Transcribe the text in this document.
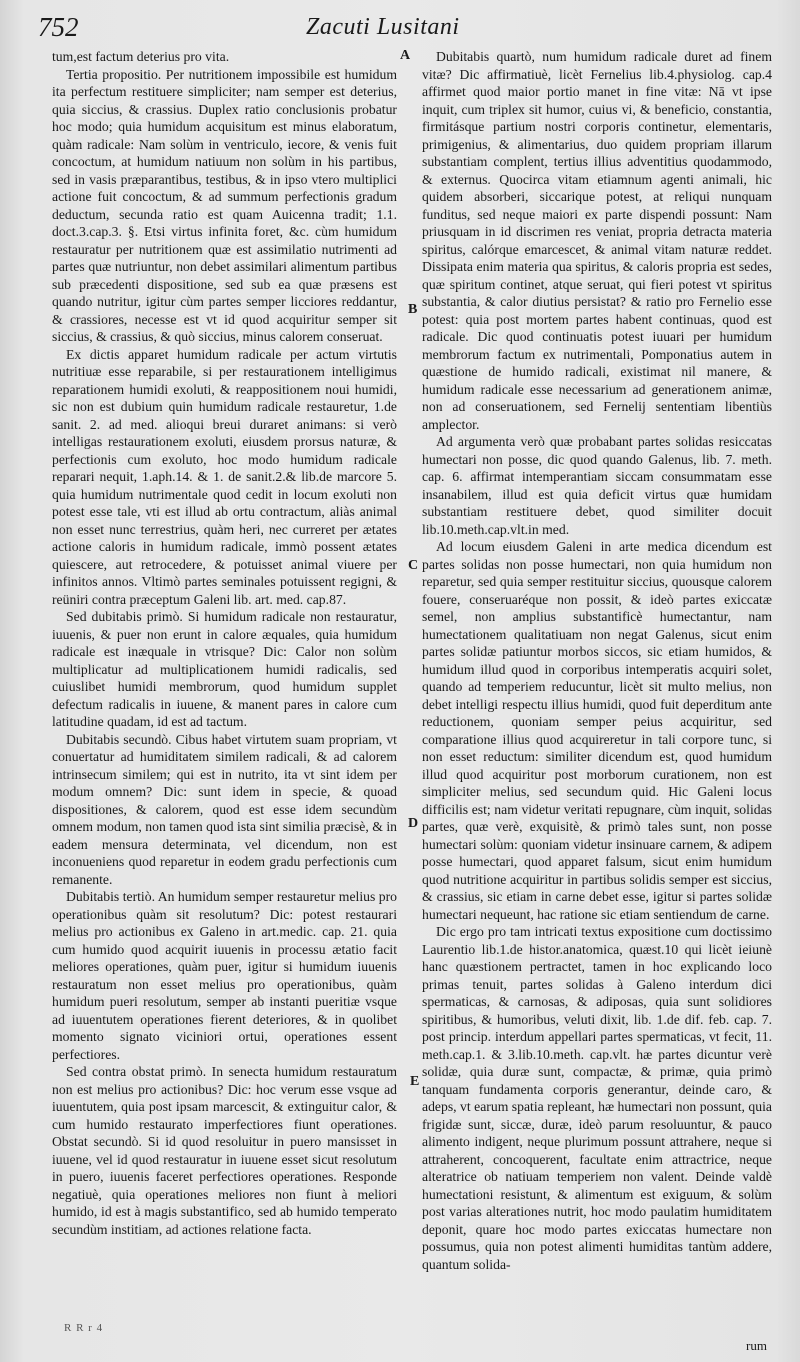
752	Zacuti Lusitani

tum,est factum deterius pro vita.

Tertia propositio. Per nutritionem impossibile est humidum ita perfectum restituere simpliciter; nam semper est deterius, quia siccius, & crassius. Duplex ratio conclusionis probatur hoc modo; quia humidum acquisitum est minus elaboratum, quàm radicale: Nam solùm in ventriculo, iecore, & venis fuit concoctum, at humidum natiuum non solùm in his partibus, sed in vasis præparantibus, testibus, & in ipso vtero multiplici actione fuit concoctum, & ad summum perfectionis gradum deductum, secunda ratio est quam Auicenna tradit; 1.1. doct.3.cap.3. §. Etsi virtus infinita foret, &c. cùm humidum restauratur per nutritionem quæ est assimilatio nutrimenti ad partes quæ nutriuntur, non debet assimilari alimentum partibus sub præcedenti dispositione, sed sub ea quæ præsens est quando nutritur, igitur cùm partes semper licciores reddantur, & crassiores, necesse est vt id quod acquiritur semper sit siccius, & crassius, & quò siccius, minus calorem conseruat.

Ex dictis apparet humidum radicale per actum virtutis nutritiuæ esse reparabile, si per restaurationem intelligimus reparationem humidi exoluti, & reappositionem noui humidi, sic non est dubium quin humidum radicale restauretur, 1.de sanit. 2. ad med. alioqui breui duraret animans: si verò intelligas restaurationem exoluti, eiusdem prorsus naturæ, & perfectionis cum exoluto, hoc modo humidum radicale reparari nequit, 1.aph.14. & 1. de sanit.2.& lib.de marcore 5. quia humidum nutrimentale quod cedit in locum exoluti non potest esse tale, vti est illud ab ortu contractum, aliàs animal non esset nunc terrestrius, quàm heri, nec curreret per ætates actione caloris in humidum radicale, immò possent ætates quiescere, aut retrocedere, & potuisset animal viuere per infinitos annos. Vltimò partes seminales potuissent regigni, & reüniri contra præceptum Galeni lib. art. med. cap.87.

Sed dubitabis primò. Si humidum radicale non restauratur, iuuenis, & puer non erunt in calore æquales, quia humidum radicale est inæquale in vtrisque? Dic: Calor non solùm multiplicatur ad multiplicationem humidi radicalis, sed cuiuslibet humidi membrorum, quod humidum supplet defectum radicalis in iuuene, & manent pares in calore cum latitudine quadam, id est ad tactum.

Dubitabis secundò. Cibus habet virtutem suam propriam, vt conuertatur ad humiditatem similem radicali, & ad calorem intrinsecum similem; qui est in nutrito, ita vt sint idem per modum omnem? Dic: sunt idem in specie, & quoad dispositiones, & calorem, quod est esse idem secundùm omnem modum, non tamen quod ista sint similia præcisè, & in eadem mensura determinata, vel dicendum, non est inconueniens quod reparetur in eodem gradu perfectionis cum remanente.

Dubitabis tertiò. An humidum semper restauretur melius pro operationibus quàm sit resolutum? Dic: potest restaurari melius pro actionibus ex Galeno in art.medic. cap. 21. quia cum humido quod acquirit iuuenis in processu ætatio facit meliores operationes, quàm puer, igitur si humidum iuuenis restauratum non esset melius pro operationibus, quàm humidum pueri resolutum, semper ab instanti pueritiæ vsque ad iuuentutem operationes fierent deteriores, & in quolibet momento signato viciniori ortui, operationes essent perfectiores.

Sed contra obstat primò. In senecta humidum restauratum non est melius pro actionibus? Dic: hoc verum esse vsque ad iuuentutem, quia post ipsam marcescit, & extinguitur calor, & cum humido restaurato imperfectiores fiunt operationes. Obstat secundò. Si id quod resoluitur in puero mansisset in iuuene, vel id quod restauratur in iuuene esset sicut resolutum in puero, iuuenis faceret perfectiores operationes. Responde negatiuè, quia operationes meliores non fiunt à meliori humido, id est à magis substantifico, sed ab humido temperato secundùm institiam, ad actiones relatione facta.

A
B
C
D
E

Dubitabis quartò, num humidum radicale duret ad finem vitæ? Dic affirmatiuè, licèt Fernelius lib.4.physiolog. cap.4 affirmet quod maior portio manet in fine vitæ: Nā vt ipse inquit, cum triplex sit humor, cuius vi, & beneficio, constantia, firmitásque partium nostri corporis continetur, elementaris, primigenius, & alimentarius, duo quidem propriam illarum substantiam complent, tertius illius adventitius quodammodo, & externus. Quocirca vitam etiamnum agenti animali, hic quidem absorberi, siccarique potest, at reliqui nunquam funditus, sed neque maiori ex parte dispendi possunt: Nam priusquam in id discrimen res veniat, propria detracta materia spiritus, calórque emarcescet, & animal vitam naturæ reddet. Dissipata enim materia qua spiritus, & caloris propria est sedes, quæ spiritum continet, atque seruat, qui fieri potest vt spiritus substantia, & calor diutius persistat? & ratio pro Fernelio esse potest: quia post mortem partes habent continuas, quod est radicale. Dic quod continuatis potest iuuari per humidum membrorum factum ex nutrimentali, Pomponatius autem in quæstione de humido radicali, existimat nil manere, & humidum radicale esse necessarium ad generationem animæ, non ad conseruationem, sed Fernelij sententiam libentiùs amplector.

Ad argumenta verò quæ probabant partes solidas resiccatas humectari non posse, dic quod quando Galenus, lib. 7. meth. cap. 6. affirmat intemperantiam siccam consummatam esse insanabilem, illud est quia deficit virtus quæ humidam substantiam restituere debet, quod similiter docuit lib.10.meth.cap.vlt.in med.

Ad locum eiusdem Galeni in arte medica dicendum est partes solidas non posse humectari, non quia humidum non reparetur, sed quia semper restituitur siccius, quousque calorem fouere, conseruaréque non possit, & ideò partes exiccatæ semel, non amplius substantificè humectantur, nam humectationem qualitatiuam non negat Galenus, sicut enim partes solidæ patiuntur morbos siccos, sic etiam humidos, & humidum illud quod in corporibus intemperatis acquiri solet, quando ad temperiem reducuntur, licèt sit multo melius, non debet intelligi respectu illius humidi, quod fuit deperditum ante reductionem, quoniam semper peius acquiritur, sed comparatione illius quod acquireretur in tali corpore tunc, si non esset reductum: similiter dicendum est, quod humidum illud quod acquiritur post morborum curationem, non est simpliciter melius, sed secundum quid. Hic Galeni locus difficilis est; nam videtur veritati repugnare, cùm inquit, solidas partes, quæ verè, exquisitè, & primò tales sunt, non posse humectari solùm: quoniam videtur insinuare carnem, & adipem posse humectari, quod apparet falsum, sicut enim humidum quod nutritione acquiritur in partibus solidis semper est siccius, & crassius, sic etiam in carne debet esse, igitur si partes solidæ humectari nequeunt, hac ratione sic etiam sentiendum de carne.

Dic ergo pro tam intricati textus expositione cum doctissimo Laurentio lib.1.de histor.anatomica, quæst.10 qui licèt ieiunè hanc quæstionem pertractet, tamen in hoc explicando loco primas tenuit, partes solidas à Galeno interdum dici spermaticas, & carnosas, & adiposas, quia sunt solidiores spiritibus, & humoribus, veluti dixit, lib. 1.de dif. feb. cap. 7. post princip. interdum appellari partes spermaticas, vt fecit, 11. meth.cap.1. & 3.lib.10.meth. cap.vlt. hæ partes dicuntur verè solidæ, quia duræ sunt, compactæ, & primæ, quia primò tanquam fundamenta corporis generantur, deinde caro, & adeps, vt earum spatia repleant, hæ humectari non possunt, quia frigidæ sunt, siccæ, duræ, ideò parum resoluuntur, & pauco alimento indigent, neque plurimum possunt attrahere, neque si attraherent, concoquerent, facultate enim attractrice, neque alteratrice ob natiuam temperiem non valent. Deinde valdè humectationi resistunt, & alimentum est exiguum, & solùm post varias alterationes nutrit, hoc modo paulatim humiditatem deponit, quare hoc modo partes exiccatas humectare non possumus, quia non potest alimenti humiditas tantùm addere, quantum solida-

R R r 4
rum
